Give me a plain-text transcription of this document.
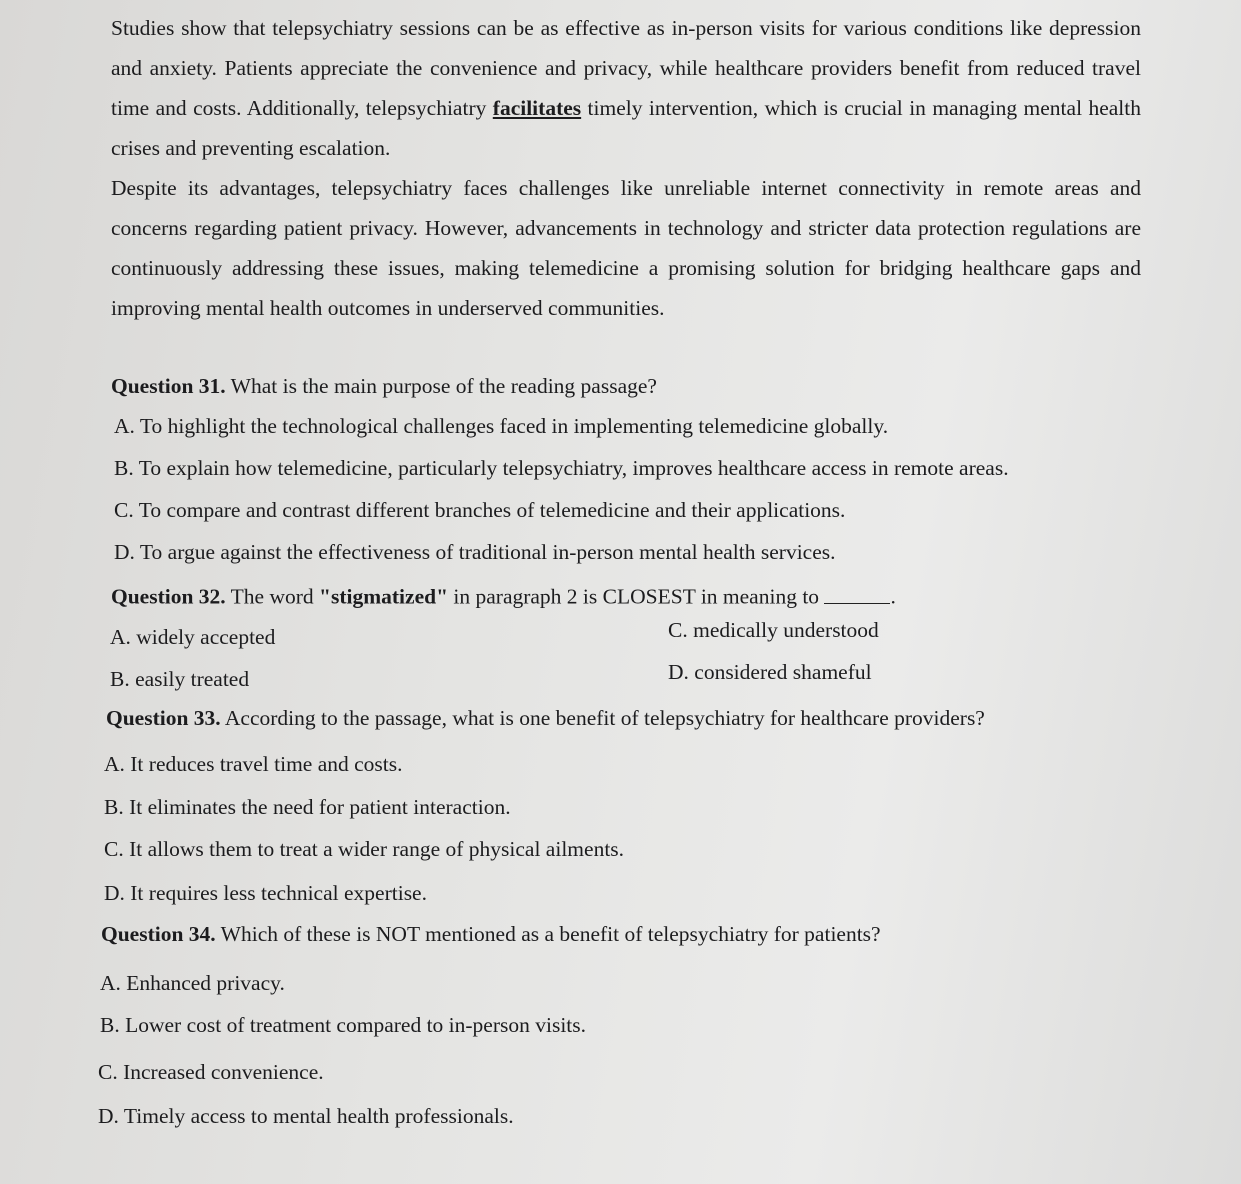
Studies show that telepsychiatry sessions can be as effective as in-person visits for various conditions like depression and anxiety. Patients appreciate the convenience and privacy, while healthcare providers benefit from reduced travel time and costs. Additionally, telepsychiatry facilitates timely intervention, which is crucial in managing mental health crises and preventing escalation.
Despite its advantages, telepsychiatry faces challenges like unreliable internet connectivity in remote areas and concerns regarding patient privacy. However, advancements in technology and stricter data protection regulations are continuously addressing these issues, making telemedicine a promising solution for bridging healthcare gaps and improving mental health outcomes in underserved communities.
Question 31. What is the main purpose of the reading passage?
A. To highlight the technological challenges faced in implementing telemedicine globally.
B. To explain how telemedicine, particularly telepsychiatry, improves healthcare access in remote areas.
C. To compare and contrast different branches of telemedicine and their applications.
D. To argue against the effectiveness of traditional in-person mental health services.
Question 32. The word "stigmatized" in paragraph 2 is CLOSEST in meaning to	.
A. widely accepted	C. medically understood
B. easily treated	D. considered shameful
Question 33. According to the passage, what is one benefit of telepsychiatry for healthcare providers?
A. It reduces travel time and costs.
B. It eliminates the need for patient interaction.
C. It allows them to treat a wider range of physical ailments.
D. It requires less technical expertise.
Question 34. Which of these is NOT mentioned as a benefit of telepsychiatry for patients?
A. Enhanced privacy.
B. Lower cost of treatment compared to in-person visits.
C. Increased convenience.
D. Timely access to mental health professionals.
